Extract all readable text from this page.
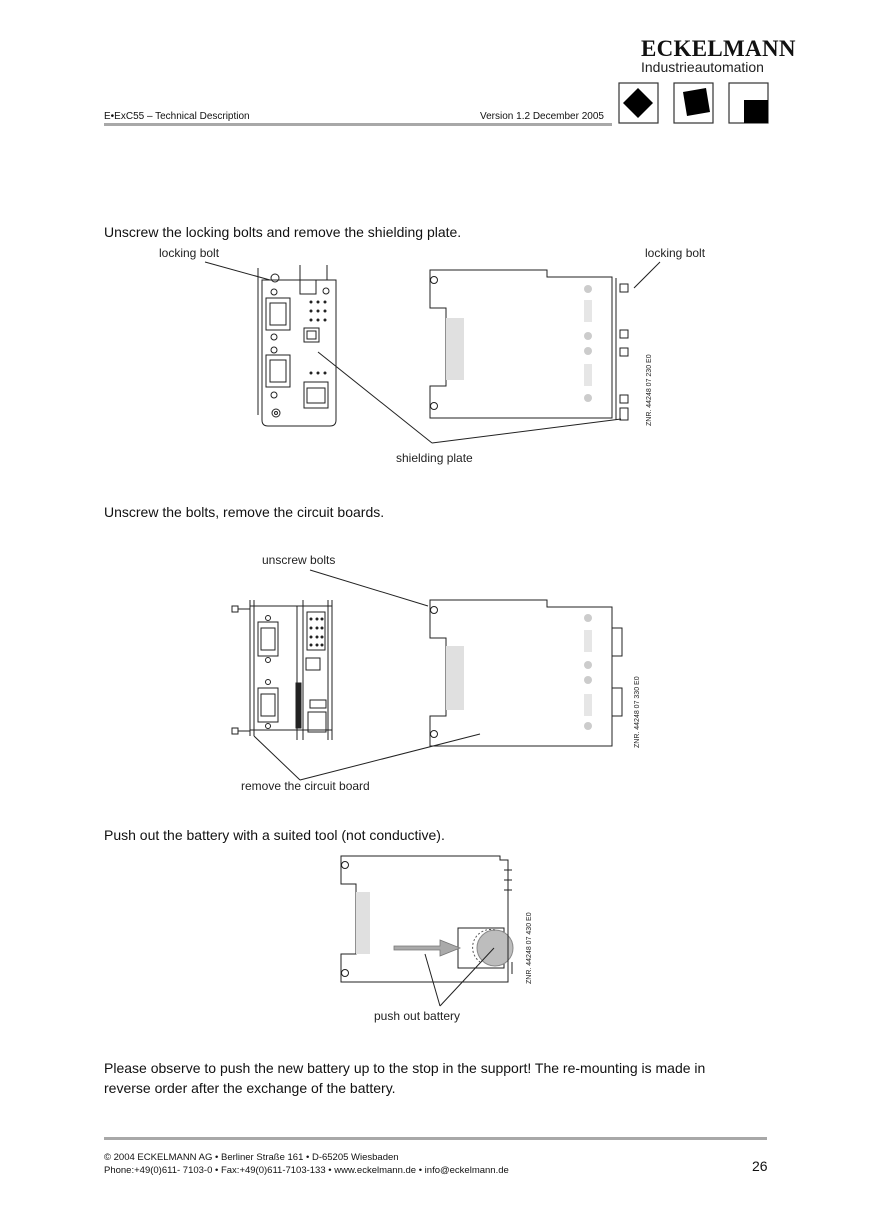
ECKELMANN
Industrieautomation
E•ExC55 – Technical Description	Version 1.2 December 2005
Unscrew the locking bolts and remove the shielding plate.
locking bolt	locking bolt
ZNR. 44248 07 230 E0
shielding plate
Unscrew the bolts, remove the circuit boards.
unscrew bolts
ZNR. 44248 07 330 E0
remove the circuit board
Push out the battery with a suited tool (not conductive).
ZNR. 44248 07 430 E0
push out battery
Please observe to push the new battery up to the stop in the support! The re-mounting is made in
reverse order after the exchange of the battery.
© 2004 ECKELMANN AG • Berliner Straße 161 • D-65205 Wiesbaden
Phone:+49(0)611- 7103-0 • Fax:+49(0)611-7103-133 • www.eckelmann.de • info@eckelmann.de	26
